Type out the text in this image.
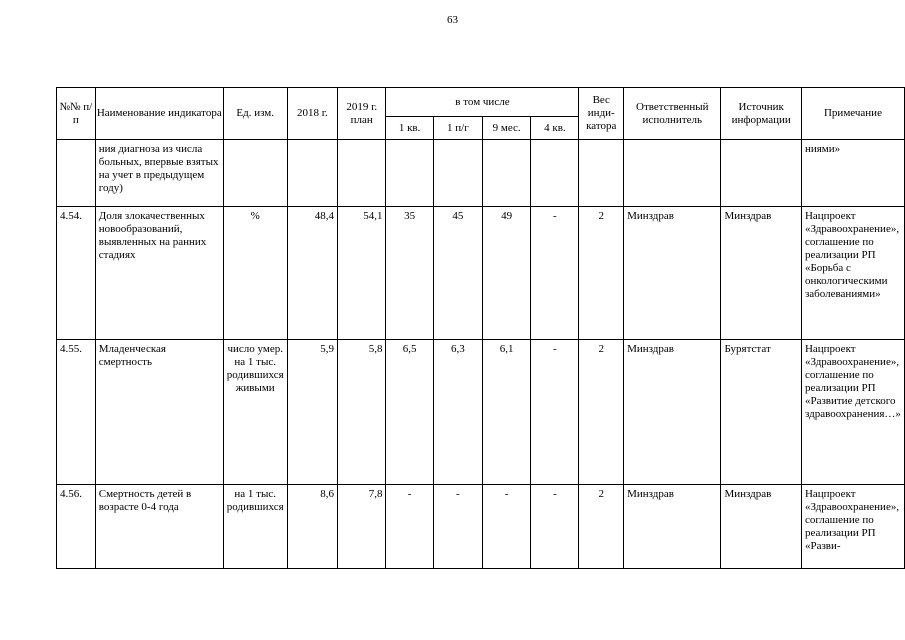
63
№№ п/п	Наименование индикатора	Ед. изм.	2018 г.	2019 г. план	в том числе				Вес инди-катора	Ответственный исполнитель	Источник информации	Примечание
					1 кв.	1 п/г	9 мес.	4 кв.				
	ния диагноза из числа больных, впервые взятых на учет в предыдущем году)											ниями»
4.54.	Доля злокачественных новообразований, выявленных на ранних стадиях	%	48,4	54,1	35	45	49	-	2	Минздрав	Минздрав	Нацпроект «Здравоохранение», соглашение по реализации РП «Борьба с онкологическими заболеваниями»
4.55.	Младенческая смертность	число умер. на 1 тыс. родившихся живыми	5,9	5,8	6,5	6,3	6,1	-	2	Минздрав	Бурятстат	Нацпроект «Здравоохранение», соглашение по реализации РП «Развитие детского здравоохранения…»
4.56.	Смертность детей в возрасте 0-4 года	на 1 тыс. родившихся	8,6	7,8	-	-	-	-	2	Минздрав	Минздрав	Нацпроект «Здравоохранение», соглашение по реализации РП «Разви-
